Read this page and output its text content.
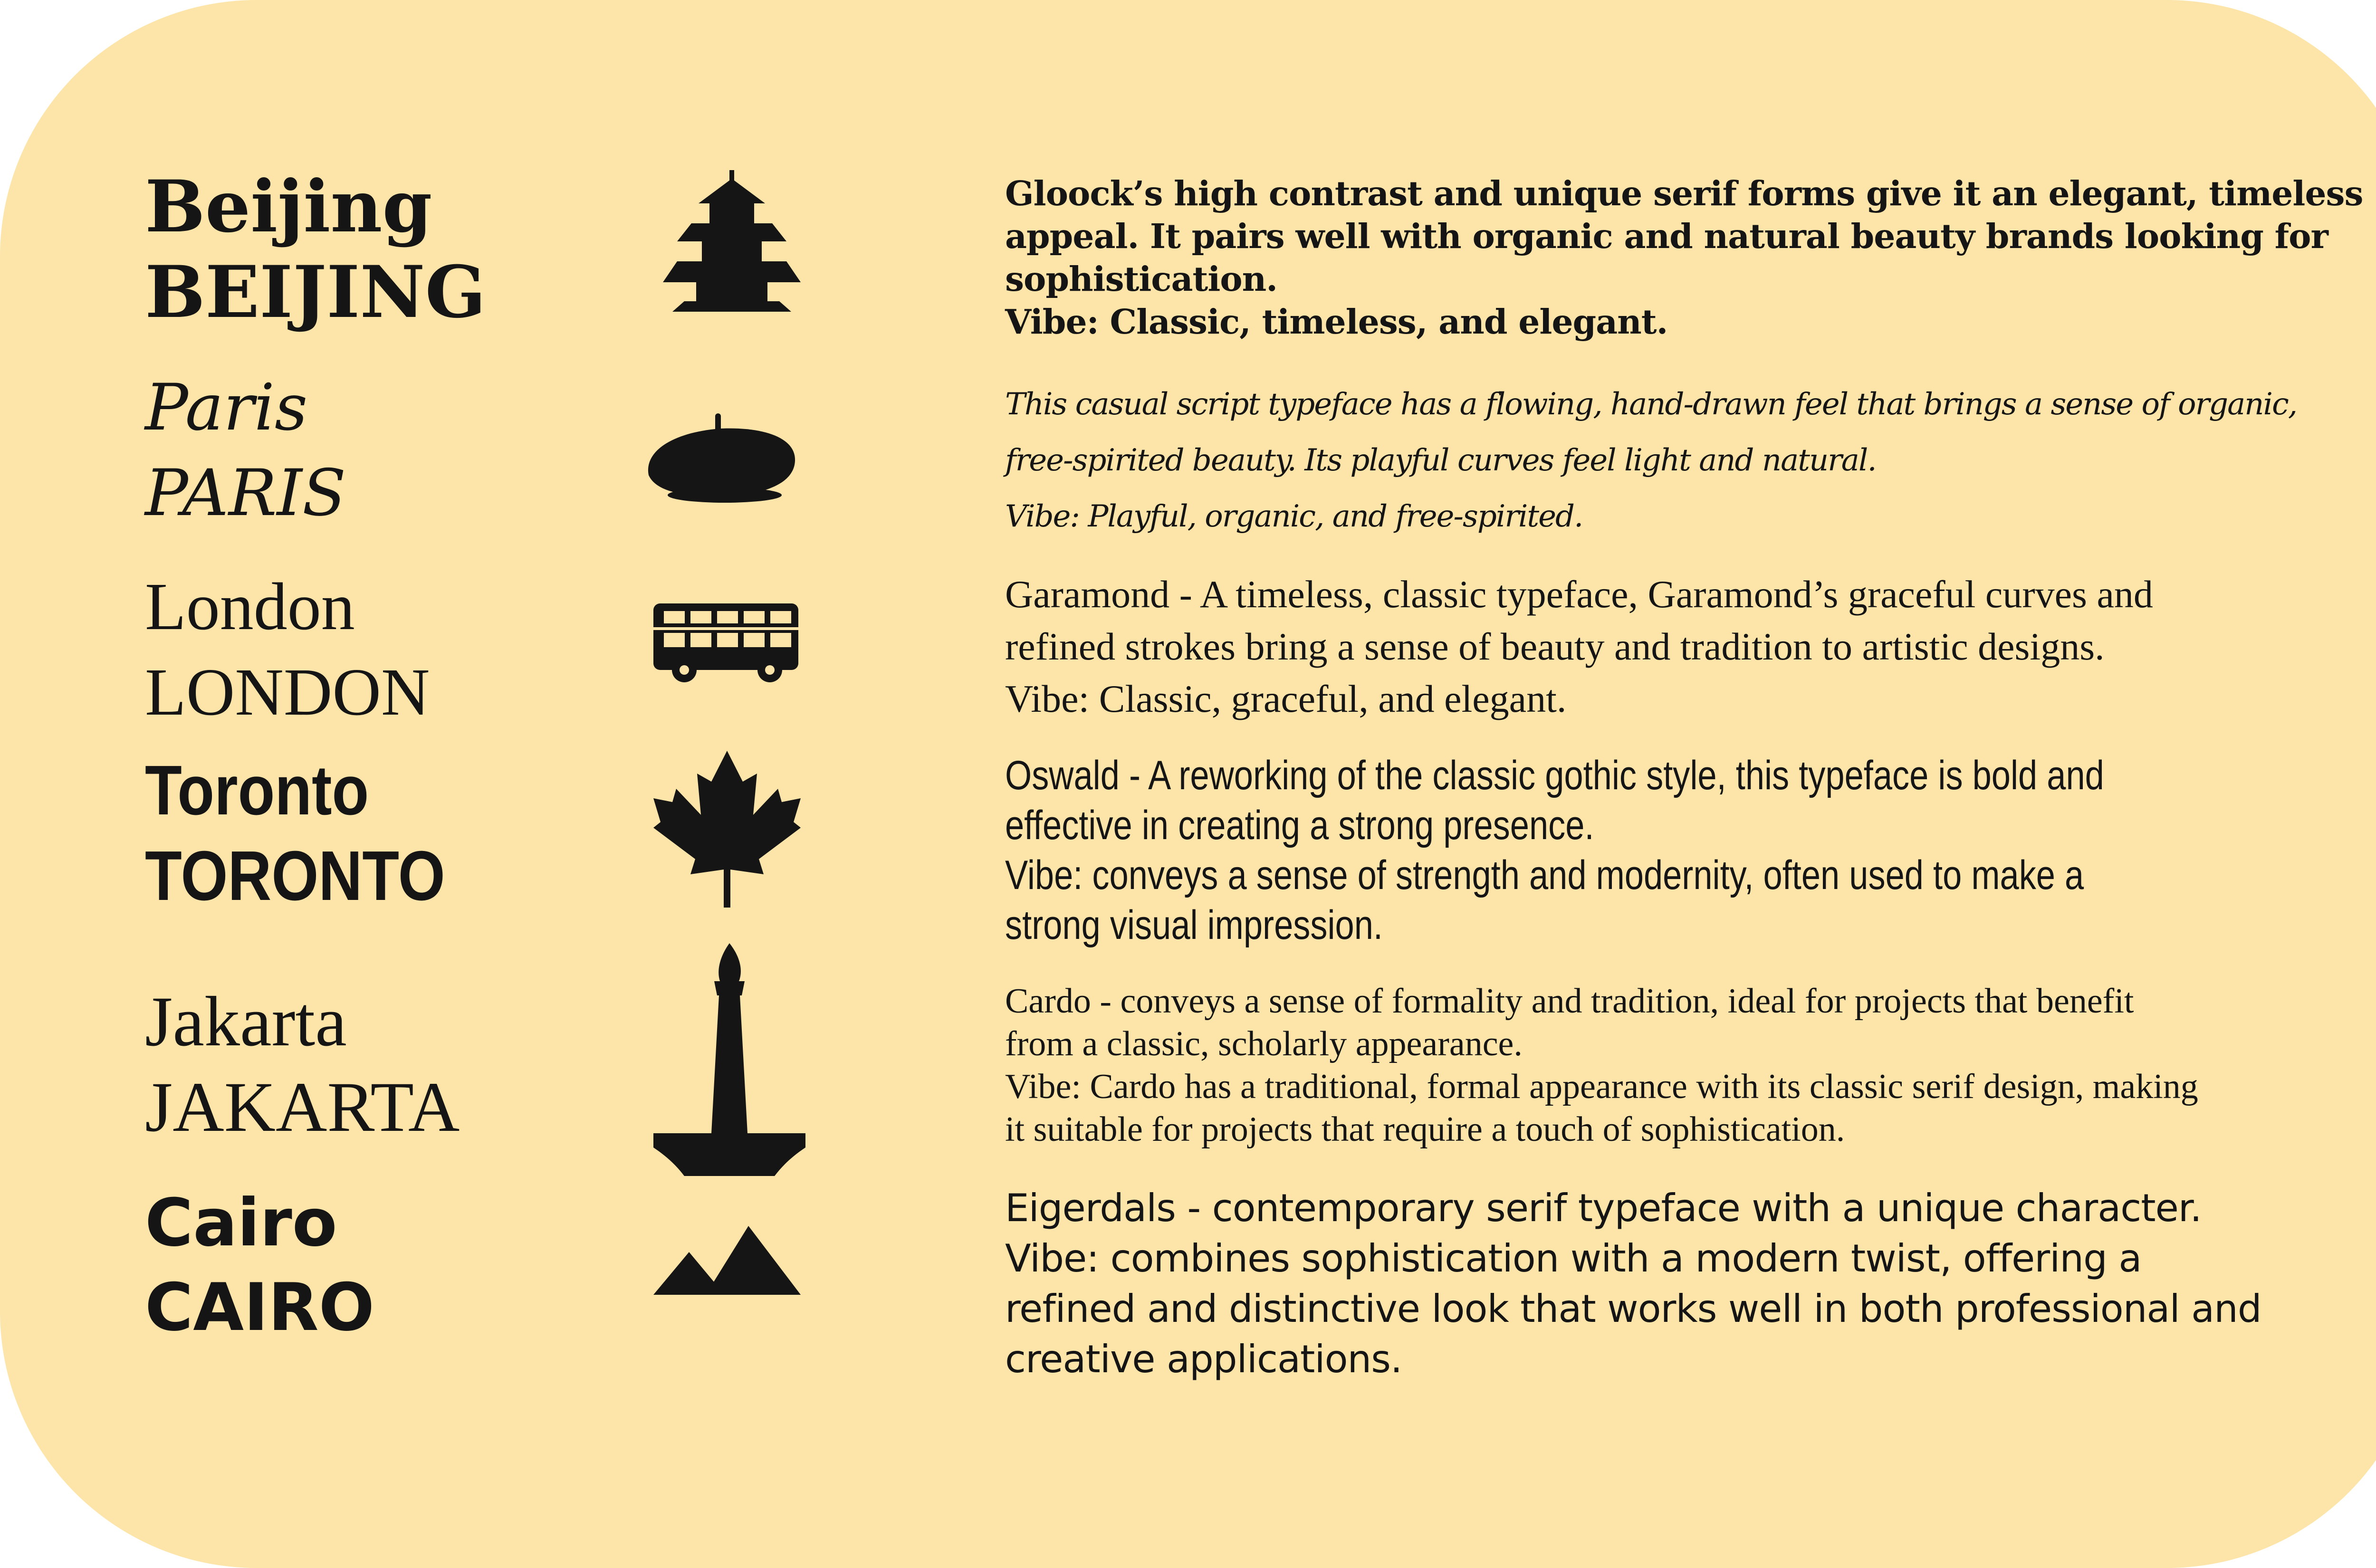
Beijing
BEIJING
Gloock’s high contrast and unique serif forms give it an elegant, timeless
appeal. It pairs well with organic and natural beauty brands looking for
sophistication.
Vibe: Classic, timeless, and elegant.
Paris
PARIS
This casual script typeface has a flowing, hand-drawn feel that brings a sense of organic,
free-spirited beauty. Its playful curves feel light and natural.
Vibe: Playful, organic, and free-spirited.
London
LONDON
Garamond - A timeless, classic typeface, Garamond’s graceful curves and
refined strokes bring a sense of beauty and tradition to artistic designs.
Vibe: Classic, graceful, and elegant.
Toronto
TORONTO
Oswald - A reworking of the classic gothic style, this typeface is bold and
effective in creating a strong presence.
Vibe: conveys a sense of strength and modernity, often used to make a
strong visual impression.
Jakarta
JAKARTA
Cardo - conveys a sense of formality and tradition, ideal for projects that benefit
from a classic, scholarly appearance.
Vibe: Cardo has a traditional, formal appearance with its classic serif design, making
it suitable for projects that require a touch of sophistication.
Cairo
CAIRO
Eigerdals - contemporary serif typeface with a unique character.
Vibe: combines sophistication with a modern twist, offering a
refined and distinctive look that works well in both professional and
creative applications.
